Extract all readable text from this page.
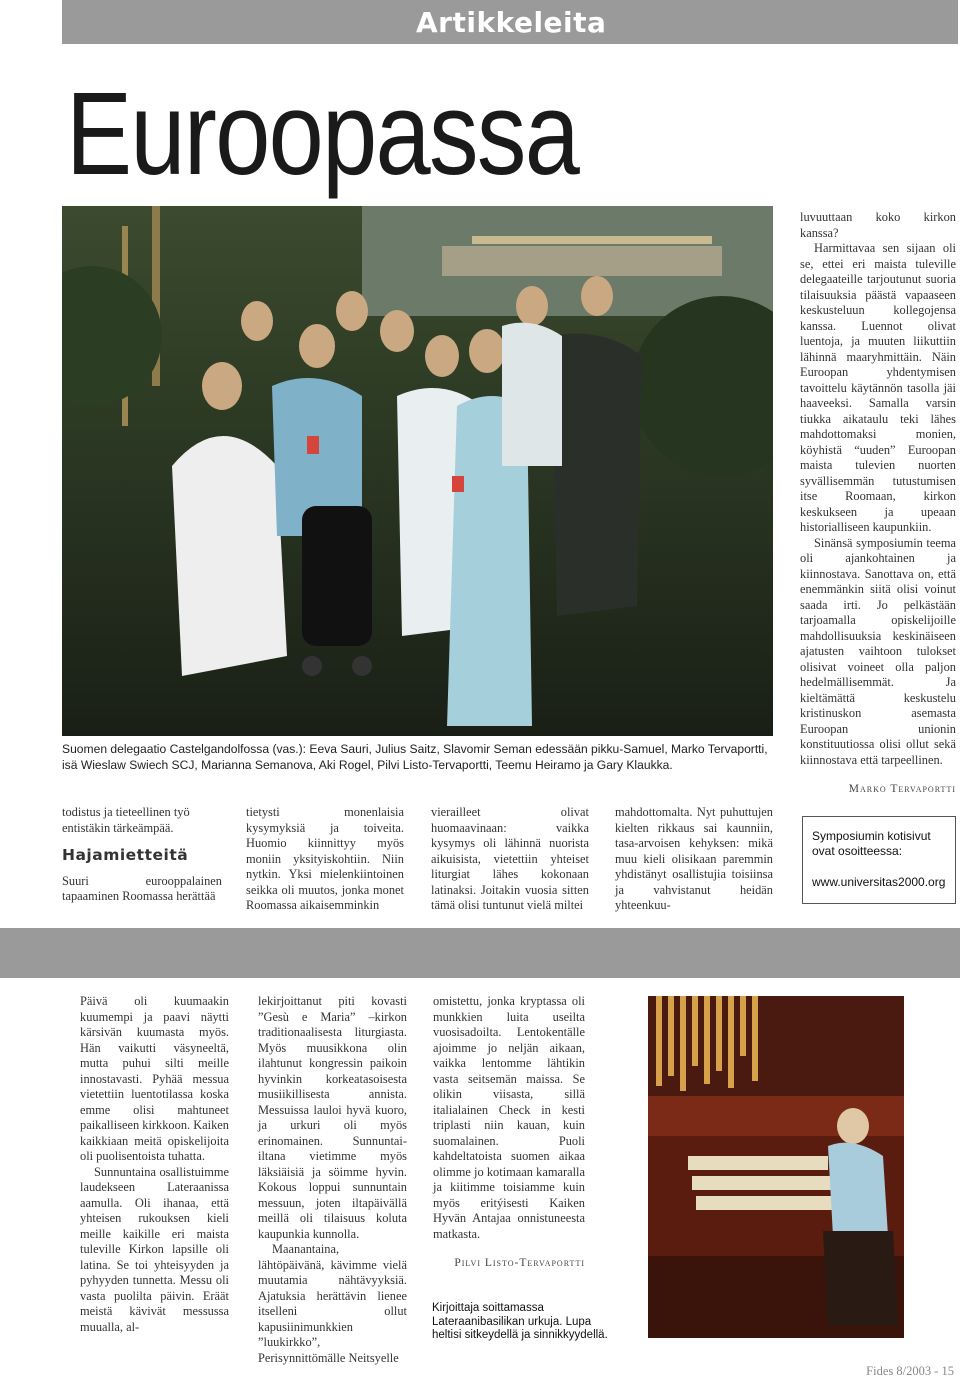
Artikkeleita
Euroopassa
Suomen delegaatio Castelgandolfossa (vas.): Eeva Sauri, Julius Saitz, Slavomir Seman edessään pikku-Samuel, Marko Tervaportti, isä Wieslaw Swiech SCJ, Marianna Semanova, Aki Rogel, Pilvi Listo-Tervaportti, Teemu Heiramo ja Gary Klaukka.

luvuuttaan koko kirkon kanssa?

Harmittavaa sen sijaan oli se, ettei eri maista tuleville delegaateille tarjoutunut suoria tilaisuuksia päästä vapaaseen keskusteluun kollegojensa kanssa. Luennot olivat luentoja, ja muuten liikuttiin lähinnä maaryhmittäin. Näin Euroopan yhdentymisen tavoittelu käytännön tasolla jäi haaveeksi. Samalla varsin tiukka aikataulu teki lähes mahdottomaksi monien, köyhistä “uuden” Euroopan maista tulevien nuorten syvällisemmän tutustumisen itse Roomaan, kirkon keskukseen ja upeaan historialliseen kaupunkiin.

Sinänsä symposiumin teema oli ajankohtainen ja kiinnostava. Sanottava on, että enemmänkin siitä olisi voinut saada irti. Jo pelkästään tarjoamalla opiskelijoille mahdollisuuksia keskinäiseen ajatusten vaihtoon tulokset olisivat voineet olla paljon hedelmällisemmät. Ja kieltämättä keskustelu kristinuskon asemasta Euroopan unionin konstituutiossa olisi ollut sekä kiinnostava että tarpeellinen.

Marko Tervaportti
Symposiumin kotisivut ovat osoitteessa:
www.universitas2000.org

todistus ja tieteellinen työ entistäkin tärkeämpää.

Hajamietteitä

Suuri eurooppalainen tapaaminen Roomassa herättää

tietysti monenlaisia kysymyksiä ja toiveita. Huomio kiinnittyy myös moniin yksityiskohtiin. Niin nytkin. Yksi mielenkiintoinen seikka oli muutos, jonka monet Roomassa aikaisemminkin

vierailleet olivat huomaavinaan: vaikka kysymys oli lähinnä nuorista aikuisista, vietettiin yhteiset liturgiat lähes kokonaan latinaksi. Joitakin vuosia sitten tämä olisi tuntunut vielä miltei

mahdottomalta. Nyt puhuttujen kielten rikkaus sai kaunniin, tasa-arvoisen kehyksen: mikä muu kieli olisikaan paremmin yhdistänyt osallistujia toisiinsa ja vahvistanut heidän yhteenkuu-

Päivä oli kuumaakin kuumempi ja paavi näytti kärsivän kuumasta myös. Hän vaikutti väsyneeltä, mutta puhui silti meille innostavasti. Pyhää messua vietettiin luentotilassa koska emme olisi mahtuneet paikalliseen kirkkoon. Kaiken kaikkiaan meitä opiskelijoita oli puolisentoista tuhatta.

Sunnuntaina osallistuimme laudekseen Lateraanissa aamulla. Oli ihanaa, että yhteisen rukouksen kieli meille kaikille eri maista tuleville Kirkon lapsille oli latina. Se toi yhteisyyden ja pyhyyden tunnetta. Messu oli vasta puolilta päivin. Eräät meistä kävivät messussa muualla, al-

lekirjoittanut piti kovasti ”Gesù e Maria” –kirkon traditionaalisesta liturgiasta. Myös muusikkona olin ilahtunut kongressin paikoin hyvinkin korkeatasoisesta musiikillisesta annista. Messuissa lauloi hyvä kuoro, ja urkuri oli myös erinomainen. Sunnuntai-iltana vietimme myös läksiäisiä ja söimme hyvin. Kokous loppui sunnuntain messuun, joten iltapäivällä meillä oli tilaisuus koluta kaupunkia kunnolla.

Maanantaina, lähtöpäivänä, kävimme vielä muutamia nähtävyyksiä. Ajatuksia herättävin lienee itselleni ollut kapusiinimunkkien ”luukirkko”, Perisynnittömälle Neitsyelle

omistettu, jonka kryptassa oli munkkien luita useilta vuosisadoilta. Lentokentälle ajoimme jo neljän aikaan, vaikka lentomme lähtikin vasta seitsemän maissa. Se olikin viisasta, sillä italialainen Check in kesti triplasti niin kauan, kuin suomalainen. Puoli kahdeltatoista suomen aikaa olimme jo kotimaan kamaralla ja kiitimme toisiamme kuin myös eritýisesti Kaiken Hyvän Antajaa onnistuneesta matkasta.

Pilvi Listo-Tervaportti
Kirjoittaja soittamassa Lateraanibasilikan urkuja. Lupa heltisi sitkeydellä ja sinnikkyydellä.
Fides 8/2003 - 15
